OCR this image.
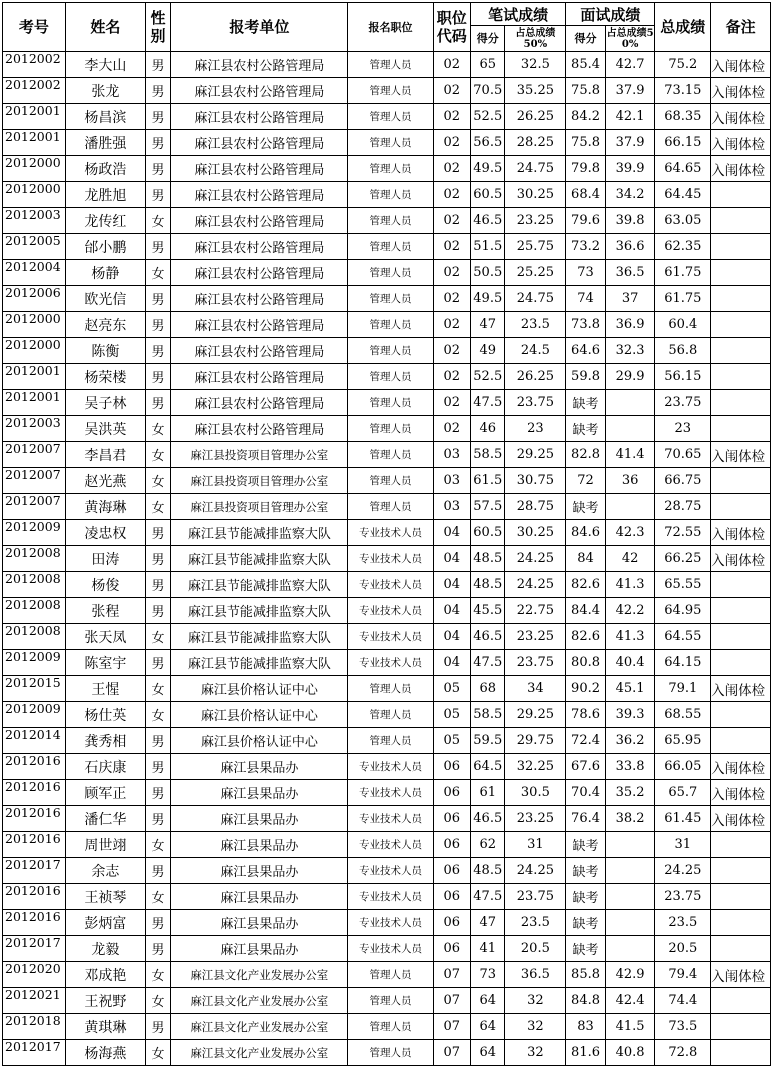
考号	姓名	性别	报考单位	报名职位	职位代码	笔试成绩		面试成绩		总成绩	备注
						得分	占总成绩50%	得分	占总成绩50%		
2012002	李大山	男	麻江县农村公路管理局	管理人员	02	65	32.5	85.4	42.7	75.2	入闱体检
2012002	张龙	男	麻江县农村公路管理局	管理人员	02	70.5	35.25	75.8	37.9	73.15	入闱体检
2012001	杨昌滨	男	麻江县农村公路管理局	管理人员	02	52.5	26.25	84.2	42.1	68.35	入闱体检
2012001	潘胜强	男	麻江县农村公路管理局	管理人员	02	56.5	28.25	75.8	37.9	66.15	入闱体检
2012000	杨政浩	男	麻江县农村公路管理局	管理人员	02	49.5	24.75	79.8	39.9	64.65	入闱体检
2012000	龙胜旭	男	麻江县农村公路管理局	管理人员	02	60.5	30.25	68.4	34.2	64.45	
2012003	龙传红	女	麻江县农村公路管理局	管理人员	02	46.5	23.25	79.6	39.8	63.05	
2012005	邰小鹏	男	麻江县农村公路管理局	管理人员	02	51.5	25.75	73.2	36.6	62.35	
2012004	杨静	女	麻江县农村公路管理局	管理人员	02	50.5	25.25	73	36.5	61.75	
2012006	欧光信	男	麻江县农村公路管理局	管理人员	02	49.5	24.75	74	37	61.75	
2012000	赵亮东	男	麻江县农村公路管理局	管理人员	02	47	23.5	73.8	36.9	60.4	
2012000	陈衡	男	麻江县农村公路管理局	管理人员	02	49	24.5	64.6	32.3	56.8	
2012001	杨荣楼	男	麻江县农村公路管理局	管理人员	02	52.5	26.25	59.8	29.9	56.15	
2012001	吴子林	男	麻江县农村公路管理局	管理人员	02	47.5	23.75	缺考		23.75	
2012003	吴洪英	女	麻江县农村公路管理局	管理人员	02	46	23	缺考		23	
2012007	李昌君	女	麻江县投资项目管理办公室	管理人员	03	58.5	29.25	82.8	41.4	70.65	入闱体检
2012007	赵光燕	女	麻江县投资项目管理办公室	管理人员	03	61.5	30.75	72	36	66.75	
2012007	黄海琳	女	麻江县投资项目管理办公室	管理人员	03	57.5	28.75	缺考		28.75	
2012009	凌忠权	男	麻江县节能减排监察大队	专业技术人员	04	60.5	30.25	84.6	42.3	72.55	入闱体检
2012008	田涛	男	麻江县节能减排监察大队	专业技术人员	04	48.5	24.25	84	42	66.25	入闱体检
2012008	杨俊	男	麻江县节能减排监察大队	专业技术人员	04	48.5	24.25	82.6	41.3	65.55	
2012008	张程	男	麻江县节能减排监察大队	专业技术人员	04	45.5	22.75	84.4	42.2	64.95	
2012008	张天凤	女	麻江县节能减排监察大队	专业技术人员	04	46.5	23.25	82.6	41.3	64.55	
2012009	陈室宇	男	麻江县节能减排监察大队	专业技术人员	04	47.5	23.75	80.8	40.4	64.15	
2012015	王惺	女	麻江县价格认证中心	管理人员	05	68	34	90.2	45.1	79.1	入闱体检
2012009	杨仕英	女	麻江县价格认证中心	管理人员	05	58.5	29.25	78.6	39.3	68.55	
2012014	龚秀相	男	麻江县价格认证中心	管理人员	05	59.5	29.75	72.4	36.2	65.95	
2012016	石庆康	男	麻江县果品办	专业技术人员	06	64.5	32.25	67.6	33.8	66.05	入闱体检
2012016	顾军正	男	麻江县果品办	专业技术人员	06	61	30.5	70.4	35.2	65.7	入闱体检
2012016	潘仁华	男	麻江县果品办	专业技术人员	06	46.5	23.25	76.4	38.2	61.45	入闱体检
2012016	周世翊	女	麻江县果品办	专业技术人员	06	62	31	缺考		31	
2012017	余志	男	麻江县果品办	专业技术人员	06	48.5	24.25	缺考		24.25	
2012016	王祯琴	女	麻江县果品办	专业技术人员	06	47.5	23.75	缺考		23.75	
2012016	彭炳富	男	麻江县果品办	专业技术人员	06	47	23.5	缺考		23.5	
2012017	龙毅	男	麻江县果品办	专业技术人员	06	41	20.5	缺考		20.5	
2012020	邓成艳	女	麻江县文化产业发展办公室	管理人员	07	73	36.5	85.8	42.9	79.4	入闱体检
2012021	王祝野	女	麻江县文化产业发展办公室	管理人员	07	64	32	84.8	42.4	74.4	
2012018	黄琪琳	男	麻江县文化产业发展办公室	管理人员	07	64	32	83	41.5	73.5	
2012017	杨海燕	女	麻江县文化产业发展办公室	管理人员	07	64	32	81.6	40.8	72.8	
